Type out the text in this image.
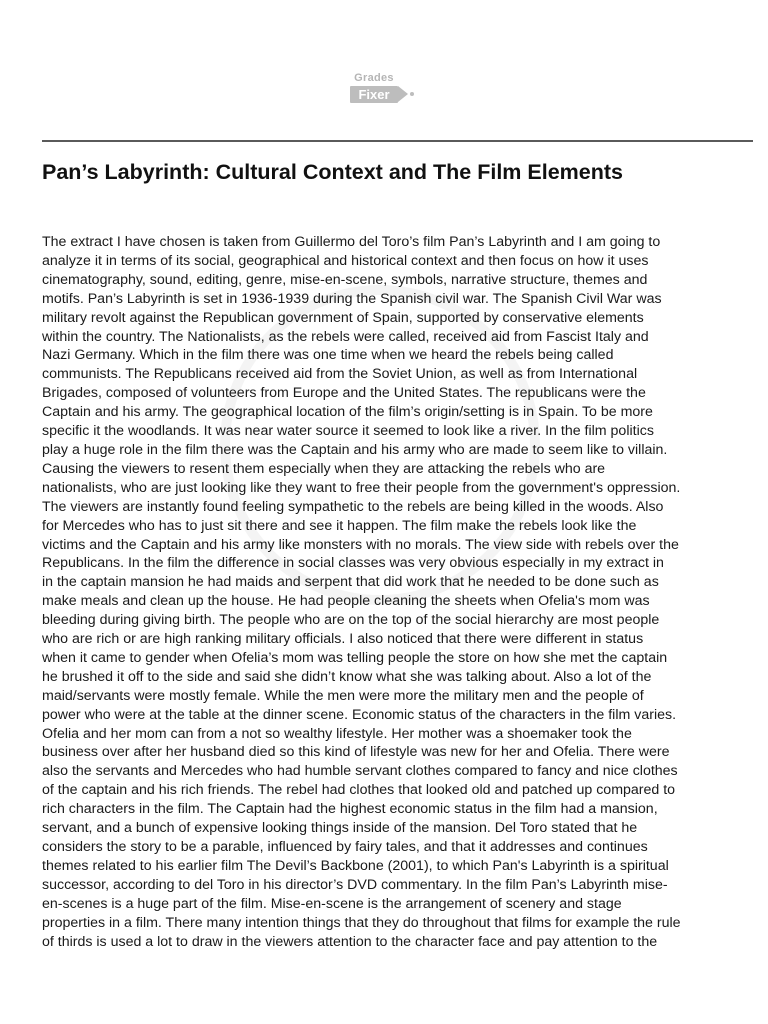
Grades
Fixer
Pan’s Labyrinth: Cultural Context and The Film Elements
The extract I have chosen is taken from Guillermo del Toro’s film Pan’s Labyrinth and I am going to
analyze it in terms of its social, geographical and historical context and then focus on how it uses
cinematography, sound, editing, genre, mise-en-scene, symbols, narrative structure, themes and
motifs. Pan’s Labyrinth is set in 1936-1939 during the Spanish civil war. The Spanish Civil War was
military revolt against the Republican government of Spain, supported by conservative elements
within the country. The Nationalists, as the rebels were called, received aid from Fascist Italy and
Nazi Germany. Which in the film there was one time when we heard the rebels being called
communists. The Republicans received aid from the Soviet Union, as well as from International
Brigades, composed of volunteers from Europe and the United States. The republicans were the
Captain and his army. The geographical location of the film’s origin/setting is in Spain. To be more
specific it the woodlands. It was near water source it seemed to look like a river. In the film politics
play a huge role in the film there was the Captain and his army who are made to seem like to villain.
Causing the viewers to resent them especially when they are attacking the rebels who are
nationalists, who are just looking like they want to free their people from the government's oppression.
The viewers are instantly found feeling sympathetic to the rebels are being killed in the woods. Also
for Mercedes who has to just sit there and see it happen. The film make the rebels look like the
victims and the Captain and his army like monsters with no morals. The view side with rebels over the
Republicans. In the film the difference in social classes was very obvious especially in my extract in
in the captain mansion he had maids and serpent that did work that he needed to be done such as
make meals and clean up the house. He had people cleaning the sheets when Ofelia's mom was
bleeding during giving birth. The people who are on the top of the social hierarchy are most people
who are rich or are high ranking military officials. I also noticed that there were different in status
when it came to gender when Ofelia’s mom was telling people the store on how she met the captain
he brushed it off to the side and said she didn’t know what she was talking about. Also a lot of the
maid/servants were mostly female. While the men were more the military men and the people of
power who were at the table at the dinner scene. Economic status of the characters in the film varies.
Ofelia and her mom can from a not so wealthy lifestyle. Her mother was a shoemaker took the
business over after her husband died so this kind of lifestyle was new for her and Ofelia. There were
also the servants and Mercedes who had humble servant clothes compared to fancy and nice clothes
of the captain and his rich friends. The rebel had clothes that looked old and patched up compared to
rich characters in the film. The Captain had the highest economic status in the film had a mansion,
servant, and a bunch of expensive looking things inside of the mansion. Del Toro stated that he
considers the story to be a parable, influenced by fairy tales, and that it addresses and continues
themes related to his earlier film The Devil’s Backbone (2001), to which Pan's Labyrinth is a spiritual
successor, according to del Toro in his director’s DVD commentary. In the film Pan’s Labyrinth mise-
en-scenes is a huge part of the film. Mise-en-scene is the arrangement of scenery and stage
properties in a film. There many intention things that they do throughout that films for example the rule
of thirds is used a lot to draw in the viewers attention to the character face and pay attention to the
